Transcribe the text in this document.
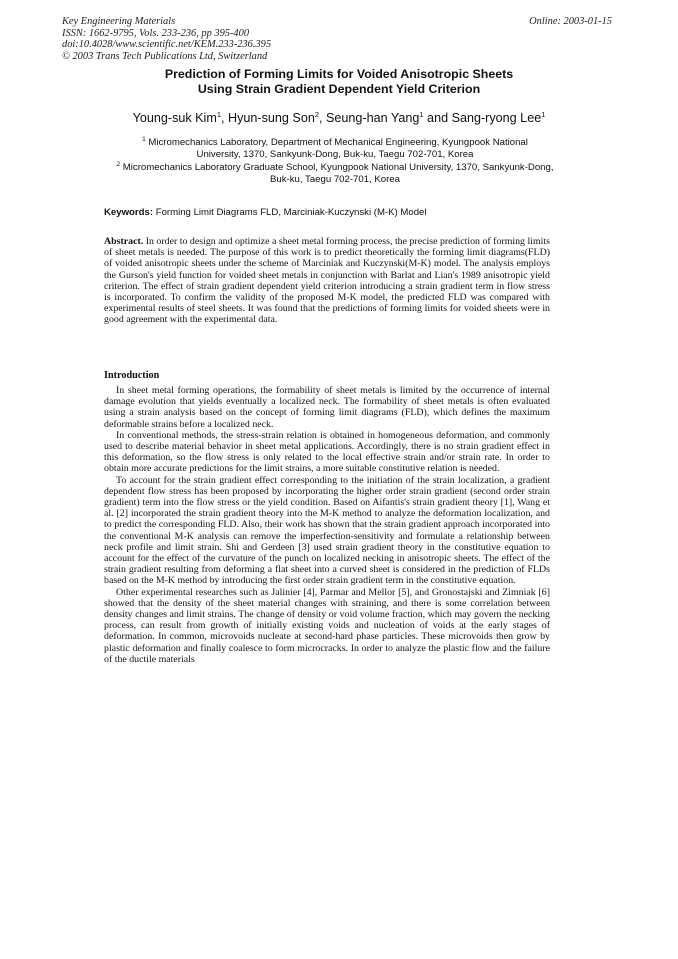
Key Engineering Materials
ISSN: 1662-9795, Vols. 233-236, pp 395-400
doi:10.4028/www.scientific.net/KEM.233-236.395
© 2003 Trans Tech Publications Ltd, Switzerland
Online: 2003-01-15
Prediction of Forming Limits for Voided Anisotropic Sheets
Using Strain Gradient Dependent Yield Criterion
Young-suk Kim$^1$, Hyun-sung Son$^2$, Seung-han Yang$^1$ and Sang-ryong Lee$^1$
$^1$ Micromechanics Laboratory, Department of Mechanical Engineering, Kyungpook National University, 1370, Sankyunk-Dong, Buk-ku, Taegu 702-701, Korea
$^2$ Micromechanics Laboratory Graduate School, Kyungpook National University, 1370, Sankyunk-Dong, Buk-ku, Taegu 702-701, Korea
Keywords: Forming Limit Diagrams FLD, Marciniak-Kuczynski (M-K) Model

Abstract. In order to design and optimize a sheet metal forming process, the precise prediction of forming limits of sheet metals is needed. The purpose of this work is to predict theoretically the forming limit diagrams(FLD) of voided anisotropic sheets under the scheme of Marciniak and Kuczynski(M-K) model. The analysis employs the Gurson's yield function for voided sheet metals in conjunction with Barlat and Lian's 1989 anisotropic yield criterion. The effect of strain gradient dependent yield criterion introducing a strain gradient term in flow stress is incorporated. To confirm the validity of the proposed M-K model, the predicted FLD was compared with experimental results of steel sheets. It was found that the predictions of forming limits for voided sheets were in good agreement with the experimental data.

Introduction

In sheet metal forming operations, the formability of sheet metals is limited by the occurrence of internal damage evolution that yields eventually a localized neck. The formability of sheet metals is often evaluated using a strain analysis based on the concept of forming limit diagrams (FLD), which defines the maximum deformable strains before a localized neck.

In conventional methods, the stress-strain relation is obtained in homogeneous deformation, and commonly used to describe material behavior in sheet metal applications. Accordingly, there is no strain gradient effect in this deformation, so the flow stress is only related to the local effective strain and/or strain rate. In order to obtain more accurate predictions for the limit strains, a more suitable constitutive relation is needed.

To account for the strain gradient effect corresponding to the initiation of the strain localization, a gradient dependent flow stress has been proposed by incorporating the higher order strain gradient (second order strain gradient) term into the flow stress or the yield condition. Based on Aifantis's strain gradient theory [1], Wang et al. [2] incorporated the strain gradient theory into the M-K method to analyze the deformation localization, and to predict the corresponding FLD. Also, their work has shown that the strain gradient approach incorporated into the conventional M-K analysis can remove the imperfection-sensitivity and formulate a relationship between neck profile and limit strain. Shi and Gerdeen [3] used strain gradient theory in the constitutive equation to account for the effect of the curvature of the punch on localized necking in anisotropic sheets. The effect of the strain gradient resulting from deforming a flat sheet into a curved sheet is considered in the prediction of FLDs based on the M-K method by introducing the first order strain gradient term in the constitutive equation.

Other experimental researches such as Jalinier [4], Parmar and Mellor [5], and Gronostajski and Zimniak [6] showed that the density of the sheet material changes with straining, and there is some correlation between density changes and limit strains. The change of density or void volume fraction, which may govern the necking process, can result from growth of initially existing voids and nucleation of voids at the early stages of deformation. In common, microvoids nucleate at second-hard phase particles. These microvoids then grow by plastic deformation and finally coalesce to form microcracks. In order to analyze the plastic flow and the failure of the ductile materials
